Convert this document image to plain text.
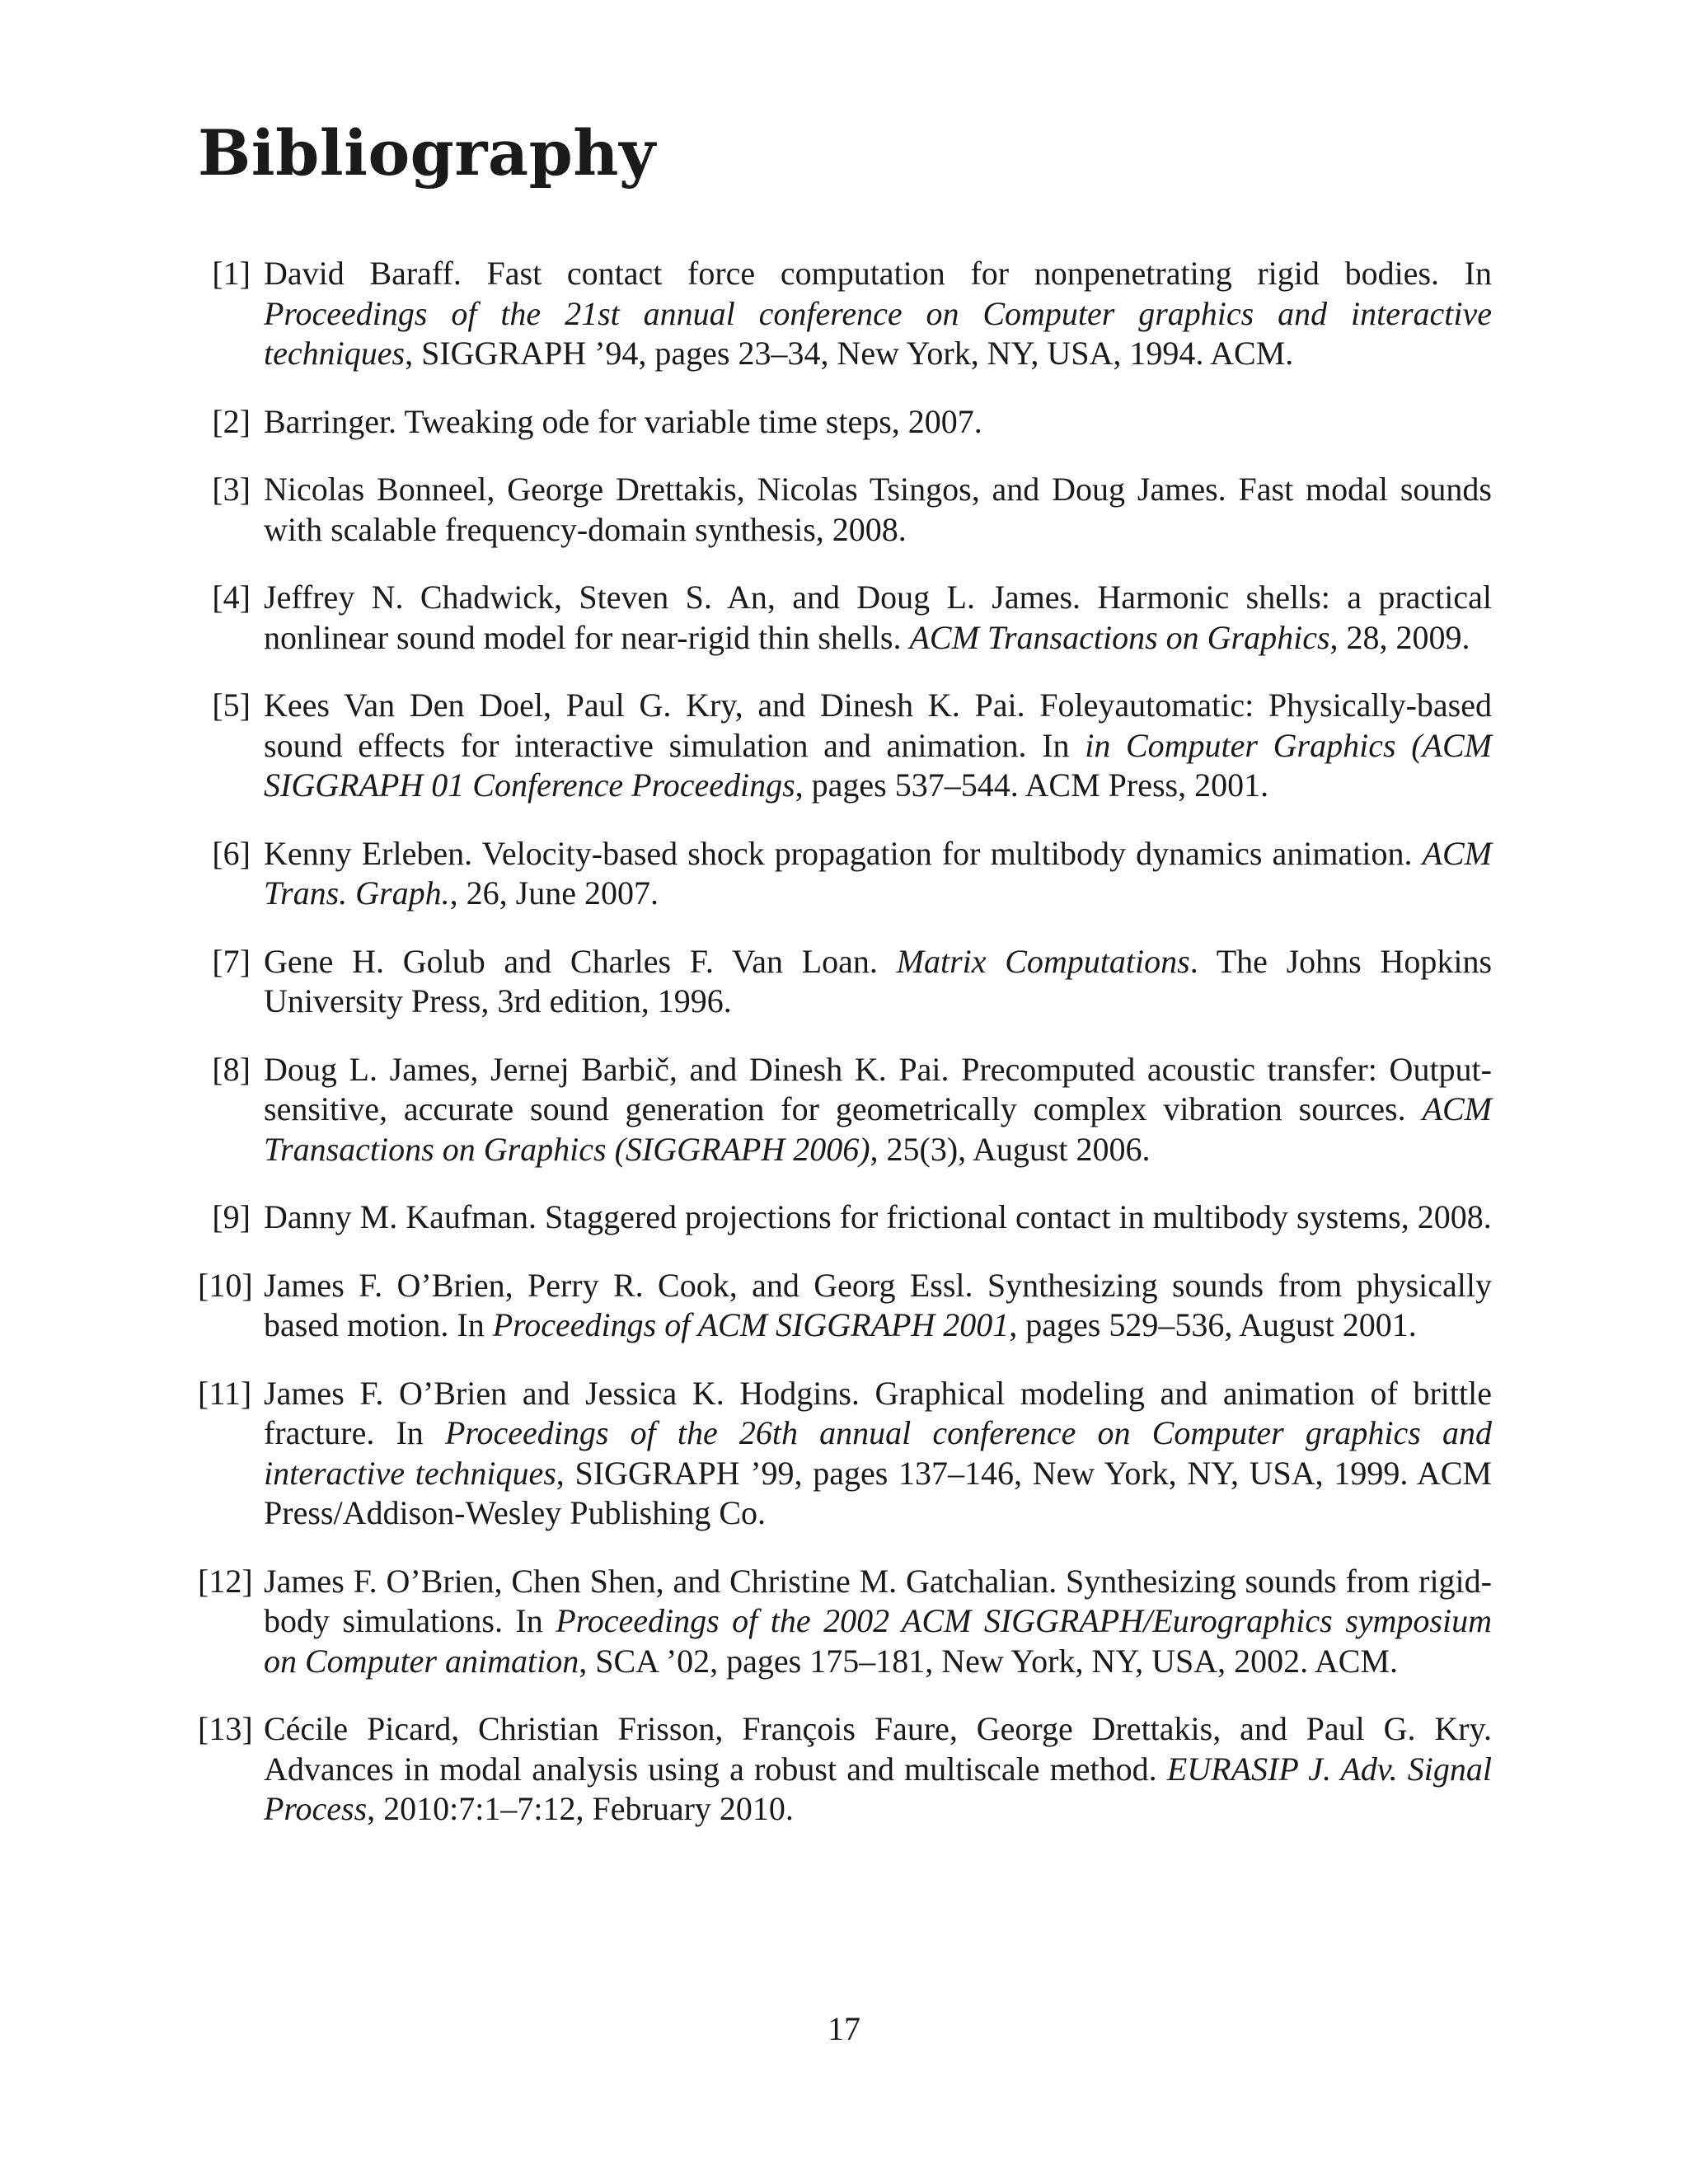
Bibliography
[1] David Baraff. Fast contact force computation for nonpenetrating rigid bodies. In Proceedings of the 21st annual conference on Computer graphics and interactive techniques, SIGGRAPH ’94, pages 23–34, New York, NY, USA, 1994. ACM.
[2] Barringer. Tweaking ode for variable time steps, 2007.
[3] Nicolas Bonneel, George Drettakis, Nicolas Tsingos, and Doug James. Fast modal sounds with scalable frequency-domain synthesis, 2008.
[4] Jeffrey N. Chadwick, Steven S. An, and Doug L. James. Harmonic shells: a practical nonlinear sound model for near-rigid thin shells. ACM Transactions on Graphics, 28, 2009.
[5] Kees Van Den Doel, Paul G. Kry, and Dinesh K. Pai. Foleyautomatic: Physically-based sound effects for interactive simulation and animation. In in Computer Graphics (ACM SIGGRAPH 01 Conference Proceedings, pages 537–544. ACM Press, 2001.
[6] Kenny Erleben. Velocity-based shock propagation for multibody dynamics animation. ACM Trans. Graph., 26, June 2007.
[7] Gene H. Golub and Charles F. Van Loan. Matrix Computations. The Johns Hopkins University Press, 3rd edition, 1996.
[8] Doug L. James, Jernej Barbič, and Dinesh K. Pai. Precomputed acoustic transfer: Output-sensitive, accurate sound generation for geometrically complex vibration sources. ACM Transactions on Graphics (SIGGRAPH 2006), 25(3), August 2006.
[9] Danny M. Kaufman. Staggered projections for frictional contact in multibody systems, 2008.
[10] James F. O’Brien, Perry R. Cook, and Georg Essl. Synthesizing sounds from physically based motion. In Proceedings of ACM SIGGRAPH 2001, pages 529–536, August 2001.
[11] James F. O’Brien and Jessica K. Hodgins. Graphical modeling and animation of brittle fracture. In Proceedings of the 26th annual conference on Computer graphics and interactive techniques, SIGGRAPH ’99, pages 137–146, New York, NY, USA, 1999. ACM Press/Addison-Wesley Publishing Co.
[12] James F. O’Brien, Chen Shen, and Christine M. Gatchalian. Synthesizing sounds from rigid-body simulations. In Proceedings of the 2002 ACM SIGGRAPH/Eurographics symposium on Computer animation, SCA ’02, pages 175–181, New York, NY, USA, 2002. ACM.
[13] Cécile Picard, Christian Frisson, François Faure, George Drettakis, and Paul G. Kry. Advances in modal analysis using a robust and multiscale method. EURASIP J. Adv. Signal Process, 2010:7:1–7:12, February 2010.
17
